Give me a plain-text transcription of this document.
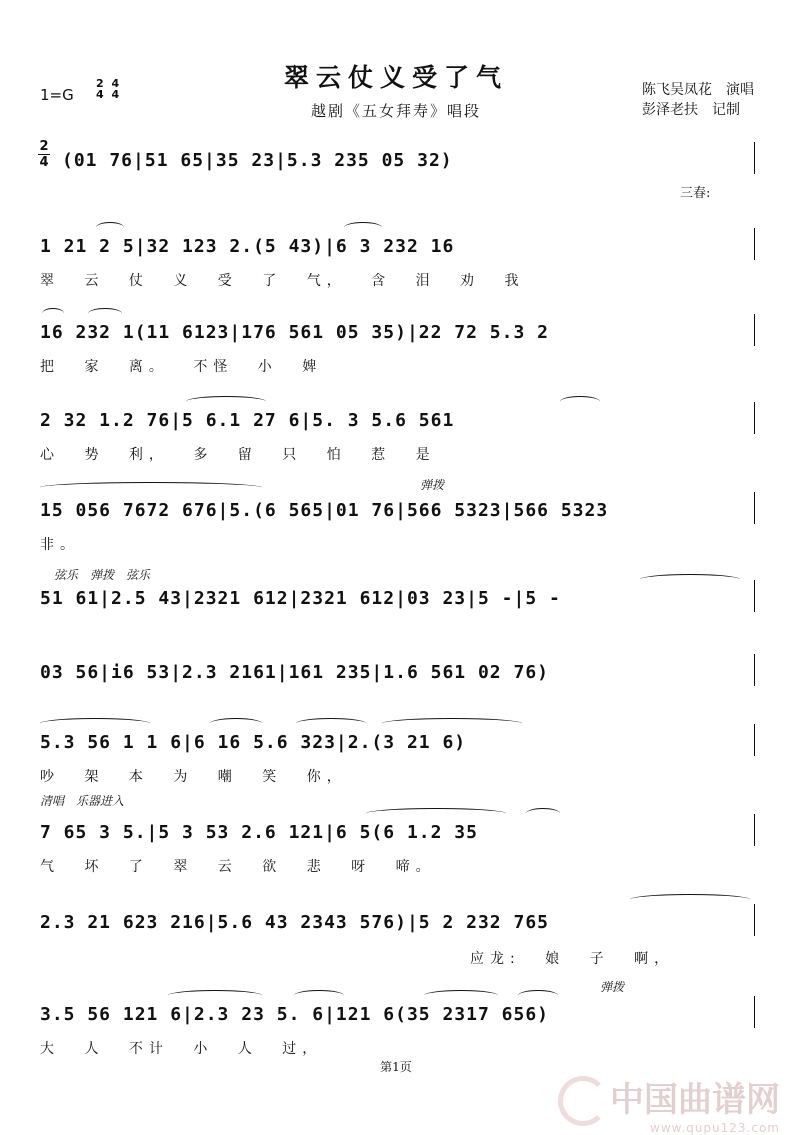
翠云仗义受了气
越剧《五女拜寿》唱段
1=G
2
4 4
4	陈飞吴凤花　演唱
彭泽老扶　记制
2
4 (01 76|51 65|35 23|5.3 235 05 32)
三春:
1 21 2 5|32 123 2.(5 43)|6 3 232 16
翠 云 仗 义 受 了 气， 含 泪 劝 我
16 232 1(11 6123|176 561 05 35)|22 72 5.3 2
把 家 离。 不怪 小 婢
2 32 1.2 76|5 6.1 27 6|5. 3 5.6 561
心 势 利， 多 留 只 怕 惹 是
弹拨
15 056 7672 676|5.(6 565|01 76|566 5323|566 5323
非。
弦乐　弹拨　弦乐
51 61|2.5 43|2321 612|2321 612|03 23|5 -|5 -
03 56|i6 53|2.3 2161|161 235|1.6 561 02 76)
5.3 56 1 1 6|6 16 5.6 323|2.(3 21 6)
吵 架 本 为 嘲 笑 你，
清唱　乐器进入
7 65 3 5.|5 3 53 2.6 121|6 5(6 1.2 35
气 坏 了 翠 云 欲 悲 呀 啼。
2.3 21 623 216|5.6 43 2343 576)|5 2 232 765
应龙: 娘 子 啊，
弹拨
3.5 56 121 6|2.3 23 5. 6|121 6(35 2317 656)
大 人 不计 小 人 过，
第1页
中国曲谱网
www.qupu123.com
